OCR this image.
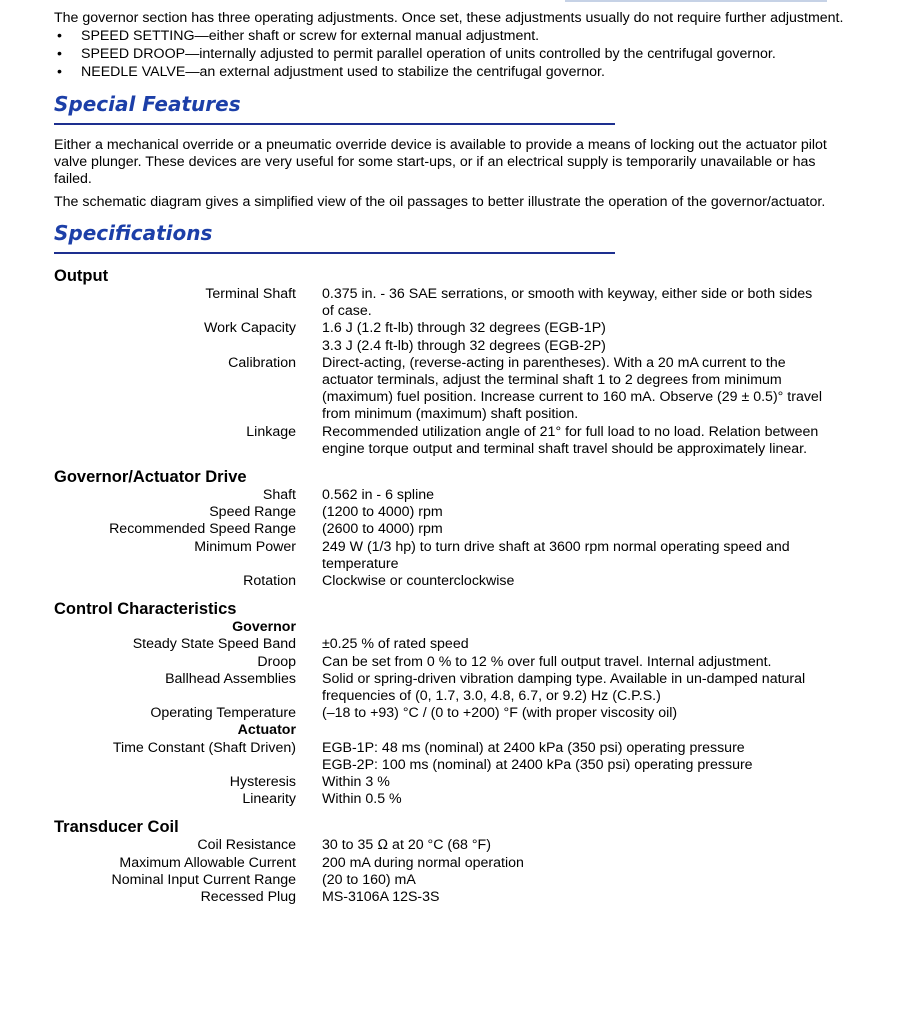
The governor section has three operating adjustments. Once set, these adjustments usually do not require further adjustment.

• SPEED SETTING—either shaft or screw for external manual adjustment.
• SPEED DROOP—internally adjusted to permit parallel operation of units controlled by the centrifugal governor.
• NEEDLE VALVE—an external adjustment used to stabilize the centrifugal governor.
Special Features

Either a mechanical override or a pneumatic override device is available to provide a means of locking out the actuator pilot valve plunger. These devices are very useful for some start-ups, or if an electrical supply is temporarily unavailable or has failed.

The schematic diagram gives a simplified view of the oil passages to better illustrate the operation of the governor/actuator.

Specifications
Output
Terminal Shaft 0.375 in. - 36 SAE serrations, or smooth with keyway, either side or both sides of case.
Work Capacity 1.6 J (1.2 ft-lb) through 32 degrees (EGB-1P)
3.3 J (2.4 ft-lb) through 32 degrees (EGB-2P)
Calibration Direct-acting, (reverse-acting in parentheses). With a 20 mA current to the actuator terminals, adjust the terminal shaft 1 to 2 degrees from minimum (maximum) fuel position. Increase current to 160 mA. Observe (29 ± 0.5)° travel from minimum (maximum) shaft position.
Linkage Recommended utilization angle of 21° for full load to no load. Relation between engine torque output and terminal shaft travel should be approximately linear.
Governor/Actuator Drive
Shaft 0.562 in - 6 spline
Speed Range (1200 to 4000) rpm
Recommended Speed Range (2600 to 4000) rpm
Minimum Power 249 W (1/3 hp) to turn drive shaft at 3600 rpm normal operating speed and temperature
Rotation Clockwise or counterclockwise
Control Characteristics
Governor
Steady State Speed Band ±0.25 % of rated speed
Droop Can be set from 0 % to 12 % over full output travel. Internal adjustment.
Ballhead Assemblies Solid or spring-driven vibration damping type. Available in un-damped natural frequencies of (0, 1.7, 3.0, 4.8, 6.7, or 9.2) Hz (C.P.S.)
Operating Temperature (–18 to +93) °C / (0 to +200) °F (with proper viscosity oil)
Actuator
Time Constant (Shaft Driven) EGB-1P: 48 ms (nominal) at 2400 kPa (350 psi) operating pressure
EGB-2P: 100 ms (nominal) at 2400 kPa (350 psi) operating pressure
Hysteresis Within 3 %
Linearity Within 0.5 %
Transducer Coil
Coil Resistance 30 to 35 Ω at 20 °C (68 °F)
Maximum Allowable Current 200 mA during normal operation
Nominal Input Current Range (20 to 160) mA
Recessed Plug MS-3106A 12S-3S
